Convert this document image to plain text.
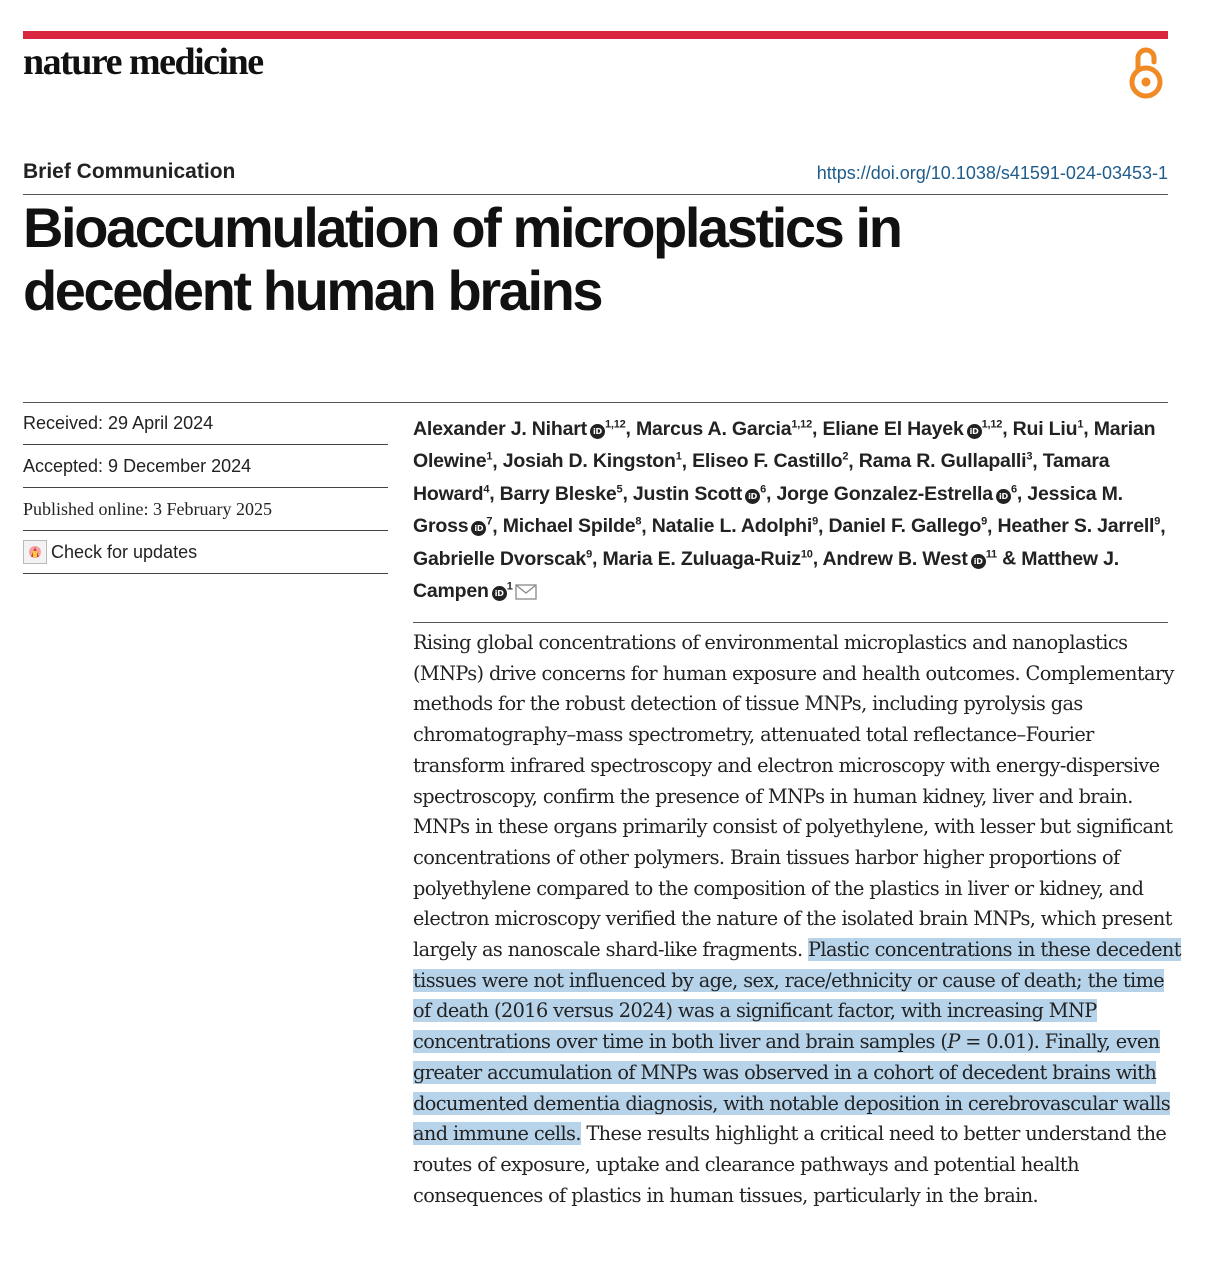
nature medicine
Brief Communication	https://doi.org/10.1038/s41591-024-03453-1
Bioaccumulation of microplastics in
decedent human brains
Received: 29 April 2024
Accepted: 9 December 2024
Published online: 3 February 2025
Check for updates
Alexander J. Nihart iD$^{1,12}$, Marcus A. Garcia$^{1,12}$, Eliane El Hayek iD$^{1,12}$, Rui Liu$^1$, Marian Olewine$^1$, Josiah D. Kingston$^1$, Eliseo F. Castillo$^2$, Rama R. Gullapalli$^3$, Tamara Howard$^4$, Barry Bleske$^5$, Justin Scott $iD^6$, Jorge Gonzalez-Estrella $iD^6$, Jessica M. Gross $iD^7$, Michael Spilde$^8$, Natalie L. Adolphi$^9$, Daniel F. Gallego$^9$, Heather S. Jarrell$^9$, Gabrielle Dvorscak$^9$, Maria E. Zuluaga-Ruiz$^{10}$, Andrew B. West $iD^{11}$ & Matthew J. Campen $iD^1$

Rising global concentrations of environmental microplastics and nanoplastics (MNPs) drive concerns for human exposure and health outcomes. Complementary methods for the robust detection of tissue MNPs, including pyrolysis gas chromatography–mass spectrometry, attenuated total reflectance–Fourier transform infrared spectroscopy and electron microscopy with energy-dispersive spectroscopy, confirm the presence of MNPs in human kidney, liver and brain. MNPs in these organs primarily consist of polyethylene, with lesser but significant concentrations of other polymers. Brain tissues harbor higher proportions of polyethylene compared to the composition of the plastics in liver or kidney, and electron microscopy verified the nature of the isolated brain MNPs, which present largely as nanoscale shard-like fragments. Plastic concentrations in these decedent tissues were not influenced by age, sex, race/ethnicity or cause of death; the time of death (2016 versus 2024) was a significant factor, with increasing MNP concentrations over time in both liver and brain samples (P = 0.01). Finally, even greater accumulation of MNPs was observed in a cohort of decedent brains with documented dementia diagnosis, with notable deposition in cerebrovascular walls and immune cells. These results highlight a critical need to better understand the routes of exposure, uptake and clearance pathways and potential health consequences of plastics in human tissues, particularly in the brain.
